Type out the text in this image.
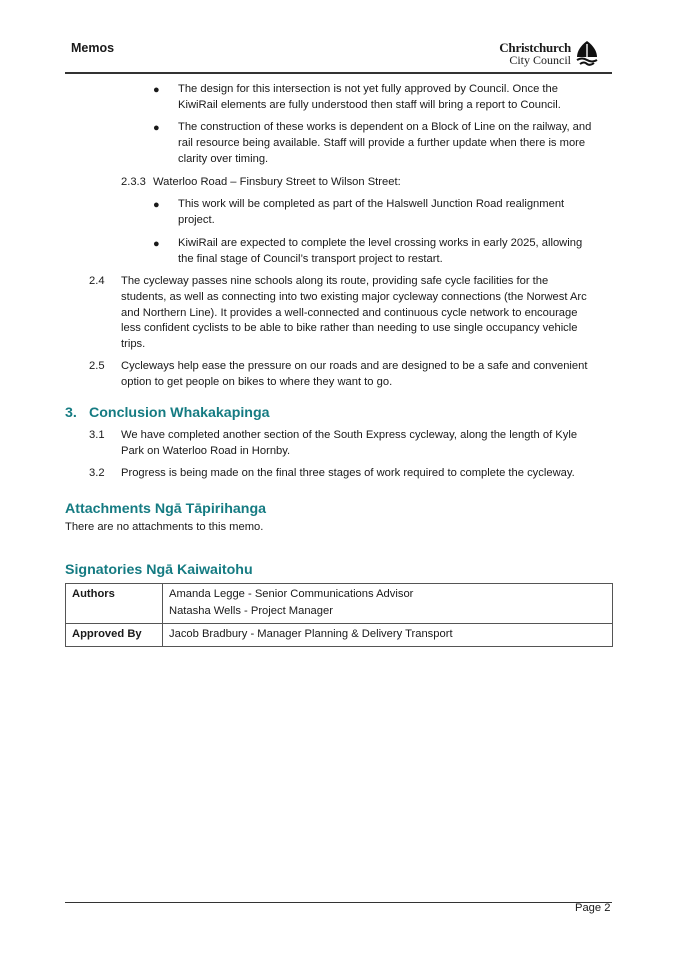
Memos	Christchurch
City Council
● The design for this intersection is not yet fully approved by Council. Once the
KiwiRail elements are fully understood then staff will bring a report to Council.
● The construction of these works is dependent on a Block of Line on the railway, and
rail resource being available. Staff will provide a further update when there is more
clarity over timing.
2.3.3 Waterloo Road – Finsbury Street to Wilson Street:
● This work will be completed as part of the Halswell Junction Road realignment
project.
● KiwiRail are expected to complete the level crossing works in early 2025, allowing
the final stage of Council’s transport project to restart.
2.4 The cycleway passes nine schools along its route, providing safe cycle facilities for the
students, as well as connecting into two existing major cycleway connections (the Norwest Arc
and Northern Line). It provides a well-connected and continuous cycle network to encourage
less confident cyclists to be able to bike rather than needing to use single occupancy vehicle
trips.
2.5 Cycleways help ease the pressure on our roads and are designed to be a safe and convenient
option to get people on bikes to where they want to go.
3. Conclusion Whakakapinga
3.1 We have completed another section of the South Express cycleway, along the length of Kyle
Park on Waterloo Road in Hornby.
3.2 Progress is being made on the final three stages of work required to complete the cycleway.
Attachments Ngā Tāpirihanga
There are no attachments to this memo.
Signatories Ngā Kaiwaitohu
Authors	Amanda Legge - Senior Communications Advisor
Natasha Wells - Project Manager

Approved By	Jacob Bradbury - Manager Planning & Delivery Transport
Page 2
